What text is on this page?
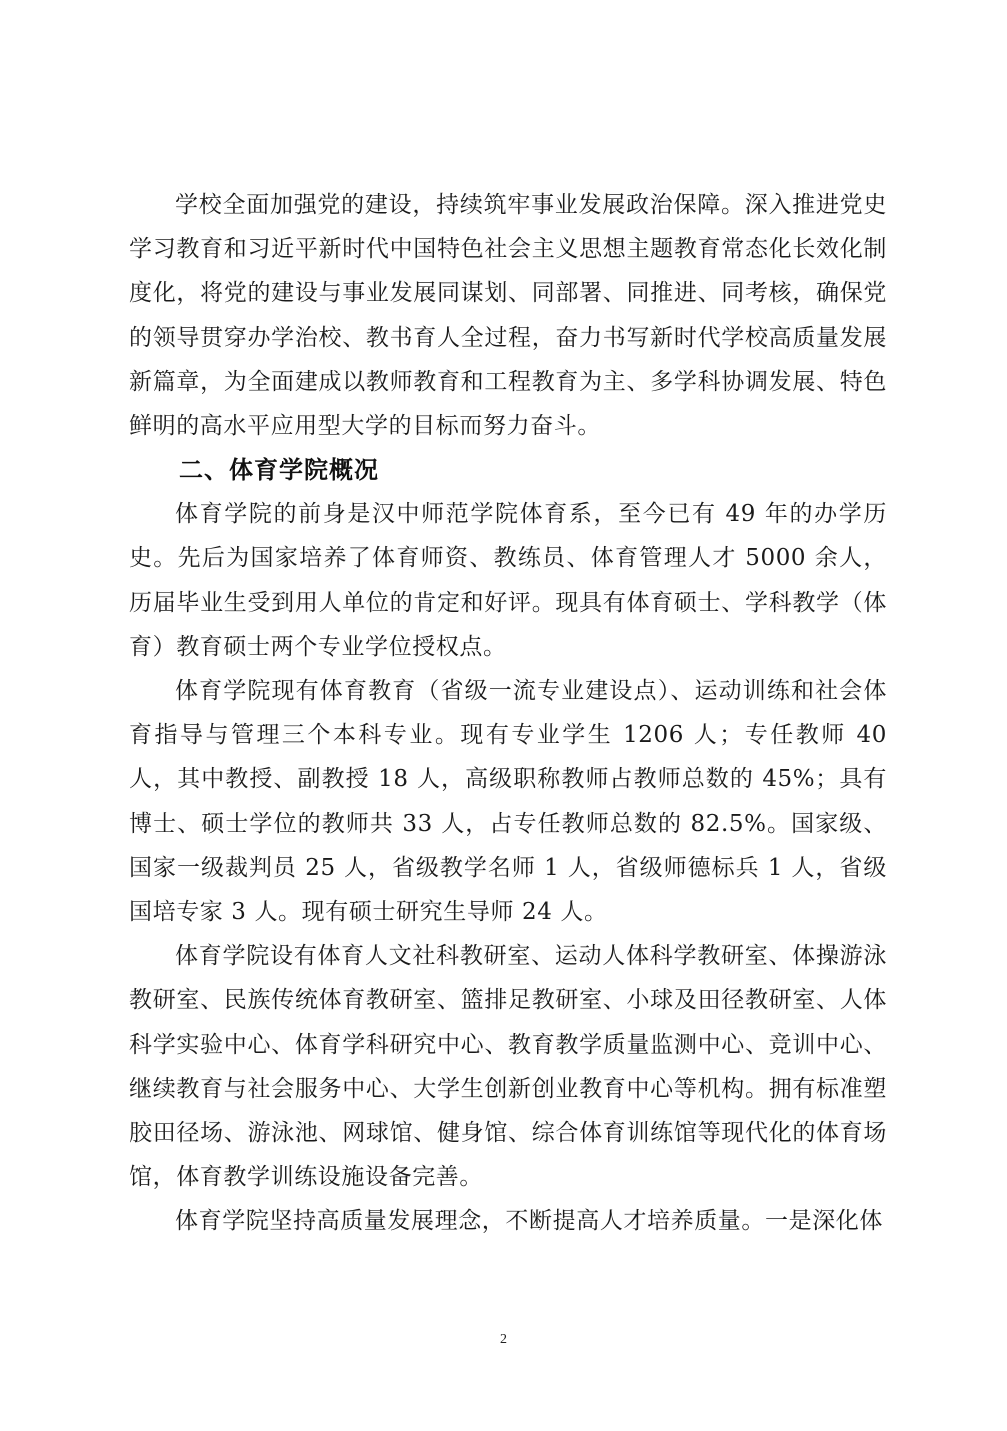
学校全面加强党的建设，持续筑牢事业发展政治保障。深入推进党史学习教育和习近平新时代中国特色社会主义思想主题教育常态化长效化制度化，将党的建设与事业发展同谋划、同部署、同推进、同考核，确保党的领导贯穿办学治校、教书育人全过程，奋力书写新时代学校高质量发展新篇章，为全面建成以教师教育和工程教育为主、多学科协调发展、特色鲜明的高水平应用型大学的目标而努力奋斗。

二、体育学院概况

体育学院的前身是汉中师范学院体育系，至今已有 49 年的办学历史。先后为国家培养了体育师资、教练员、体育管理人才 5000 余人，历届毕业生受到用人单位的肯定和好评。现具有体育硕士、学科教学（体育）教育硕士两个专业学位授权点。

体育学院现有体育教育（省级一流专业建设点）、运动训练和社会体育指导与管理三个本科专业。现有专业学生 1206 人；专任教师 40 人，其中教授、副教授 18 人，高级职称教师占教师总数的 45%；具有博士、硕士学位的教师共 33 人，占专任教师总数的 82.5%。国家级、国家一级裁判员 25 人，省级教学名师 1 人，省级师德标兵 1 人，省级国培专家 3 人。现有硕士研究生导师 24 人。

体育学院设有体育人文社科教研室、运动人体科学教研室、体操游泳教研室、民族传统体育教研室、篮排足教研室、小球及田径教研室、人体科学实验中心、体育学科研究中心、教育教学质量监测中心、竞训中心、继续教育与社会服务中心、大学生创新创业教育中心等机构。拥有标准塑胶田径场、游泳池、网球馆、健身馆、综合体育训练馆等现代化的体育场馆，体育教学训练设施设备完善。

体育学院坚持高质量发展理念，不断提高人才培养质量。一是深化体

2
